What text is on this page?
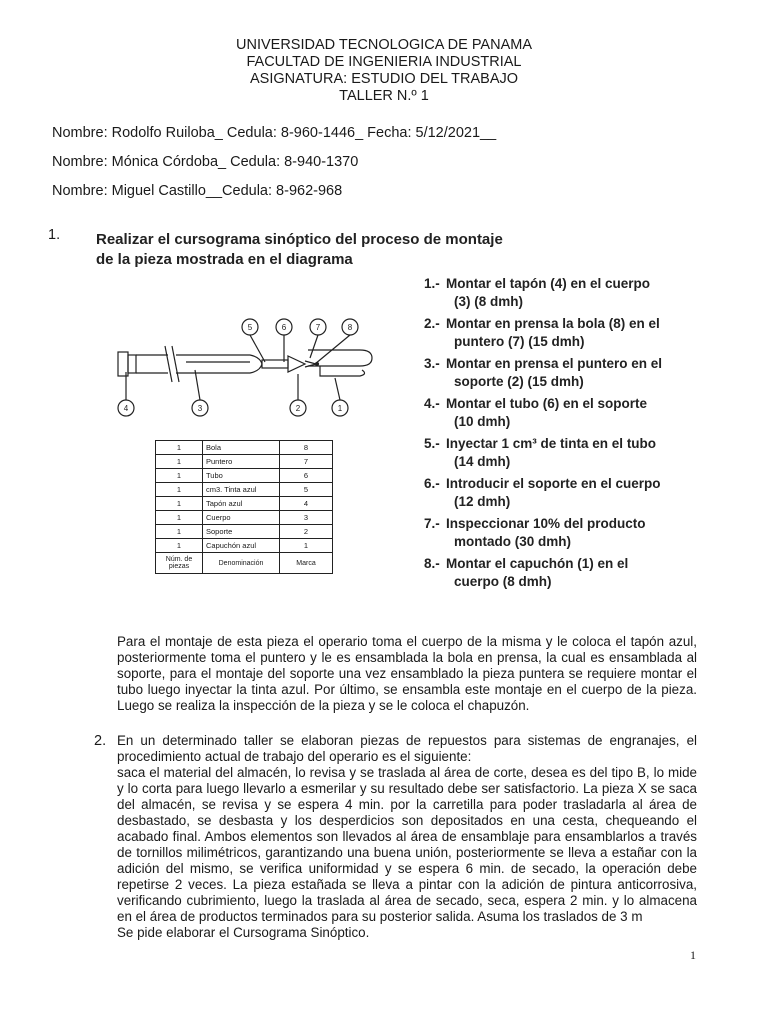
UNIVERSIDAD TECNOLOGICA DE PANAMA
FACULTAD DE INGENIERIA INDUSTRIAL
ASIGNATURA: ESTUDIO DEL TRABAJO
TALLER N.º 1
Nombre: Rodolfo Ruiloba_ Cedula: 8-960-1446_ Fecha: 5/12/2021__
Nombre: Mónica Córdoba_ Cedula: 8-940-1370
Nombre: Miguel Castillo__Cedula: 8-962-968
1. Realizar el cursograma sinóptico del proceso de montaje
de la pieza mostrada en el diagrama
5	6	7	8
4	3	2	1
1	Bola	8
1	Puntero	7
1	Tubo	6
1	cm3. Tinta azul	5
1	Tapón azul	4
1	Cuerpo	3
1	Soporte	2
1	Capuchón azul	1
Núm. de piezas	Denominación	Marca
1.- Montar el tapón (4) en el cuerpo
(3) (8 dmh)
2.- Montar en prensa la bola (8) en el
puntero (7) (15 dmh)
3.- Montar en prensa el puntero en el
soporte (2) (15 dmh)
4.- Montar el tubo (6) en el soporte
(10 dmh)
5.- Inyectar 1 cm³ de tinta en el tubo
(14 dmh)
6.- Introducir el soporte en el cuerpo
(12 dmh)
7.- Inspeccionar 10% del producto
montado (30 dmh)
8.- Montar el capuchón (1) en el
cuerpo (8 dmh)
Para el montaje de esta pieza el operario toma el cuerpo de la misma y le coloca el tapón azul, posteriormente toma el puntero y le es ensamblada la bola en prensa, la cual es ensamblada al soporte, para el montaje del soporte una vez ensamblado la pieza puntera se requiere montar el tubo luego inyectar la tinta azul. Por último, se ensambla este montaje en el cuerpo de la pieza. Luego se realiza la inspección de la pieza y se le coloca el chapuzón.
2. En un determinado taller se elaboran piezas de repuestos para sistemas de engranajes, el procedimiento actual de trabajo del operario es el siguiente:
saca el material del almacén, lo revisa y se traslada al área de corte, desea es del tipo B, lo mide y lo corta para luego llevarlo a esmerilar y su resultado debe ser satisfactorio. La pieza X se saca del almacén, se revisa y se espera 4 min. por la carretilla para poder trasladarla al área de desbastado, se desbasta y los desperdicios son depositados en una cesta, chequeando el acabado final. Ambos elementos son llevados al área de ensamblaje para ensamblarlos a través de tornillos milimétricos, garantizando una buena unión, posteriormente se lleva a estañar con la adición del mismo, se verifica uniformidad y se espera 6 min. de secado, la operación debe repetirse 2 veces. La pieza estañada se lleva a pintar con la adición de pintura anticorrosiva, verificando cubrimiento, luego la traslada al área de secado, seca, espera 2 min. y lo almacena en el área de productos terminados para su posterior salida. Asuma los traslados de 3 m
Se pide elaborar el Cursograma Sinóptico.
1
